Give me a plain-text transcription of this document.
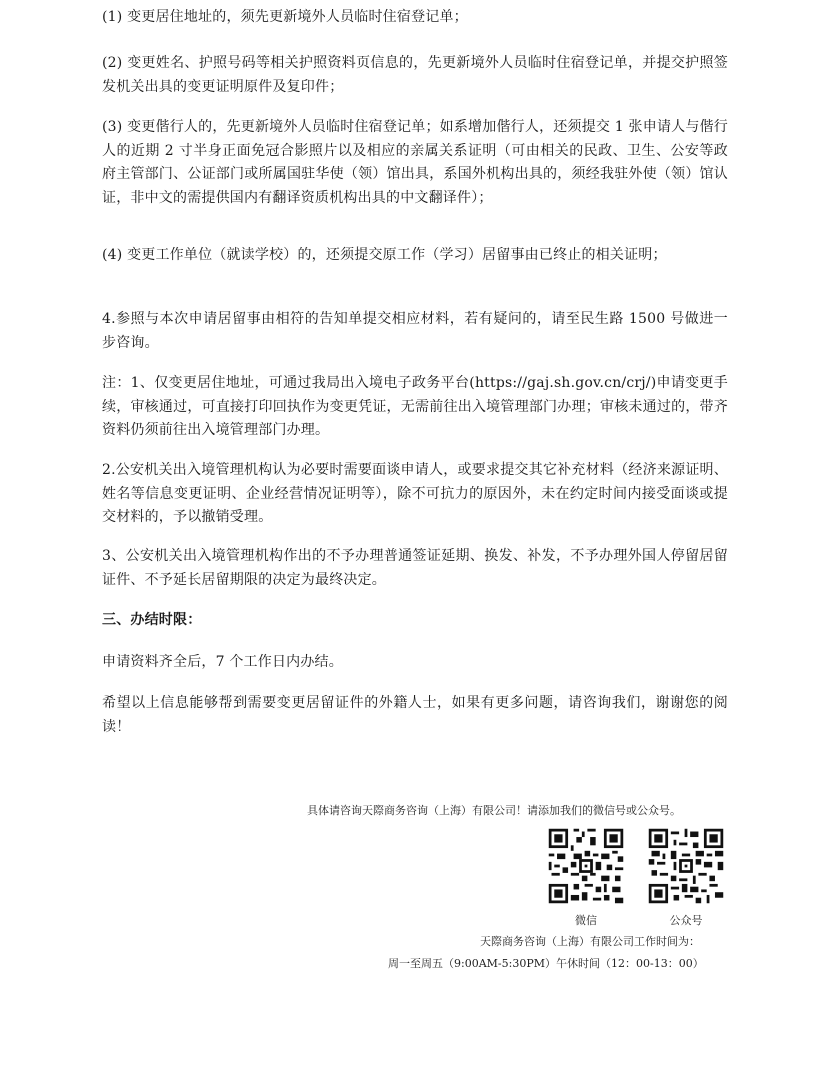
(1) 变更居住地址的，须先更新境外人员临时住宿登记单；

(2) 变更姓名、护照号码等相关护照资料页信息的，先更新境外人员临时住宿登记单，并提交护照签发机关出具的变更证明原件及复印件；

(3) 变更偕行人的，先更新境外人员临时住宿登记单；如系增加偕行人，还须提交 1 张申请人与偕行人的近期 2 寸半身正面免冠合影照片以及相应的亲属关系证明（可由相关的民政、卫生、公安等政府主管部门、公证部门或所属国驻华使（领）馆出具，系国外机构出具的，须经我驻外使（领）馆认证，非中文的需提供国内有翻译资质机构出具的中文翻译件）；

(4) 变更工作单位（就读学校）的，还须提交原工作（学习）居留事由已终止的相关证明；

4.参照与本次申请居留事由相符的告知单提交相应材料，若有疑问的，请至民生路 1500 号做进一步咨询。

注：1、仅变更居住地址，可通过我局出入境电子政务平台(https://gaj.sh.gov.cn/crj/)申请变更手续，审核通过，可直接打印回执作为变更凭证，无需前往出入境管理部门办理；审核未通过的，带齐资料仍须前往出入境管理部门办理。

2.公安机关出入境管理机构认为必要时需要面谈申请人，或要求提交其它补充材料（经济来源证明、姓名等信息变更证明、企业经营情况证明等），除不可抗力的原因外，未在约定时间内接受面谈或提交材料的，予以撤销受理。

3、公安机关出入境管理机构作出的不予办理普通签证延期、换发、补发，不予办理外国人停留居留证件、不予延长居留期限的决定为最终决定。

三、办结时限：

申请资料齐全后，7 个工作日内办结。

希望以上信息能够帮到需要变更居留证件的外籍人士，如果有更多问题，请咨询我们，谢谢您的阅读！

具体请咨询天際商务咨询（上海）有限公司！请添加我们的微信号或公众号。
微信	公众号
天際商务咨询（上海）有限公司工作时间为：
周一至周五（9:00AM-5:30PM）午休时间（12：00-13：00）
